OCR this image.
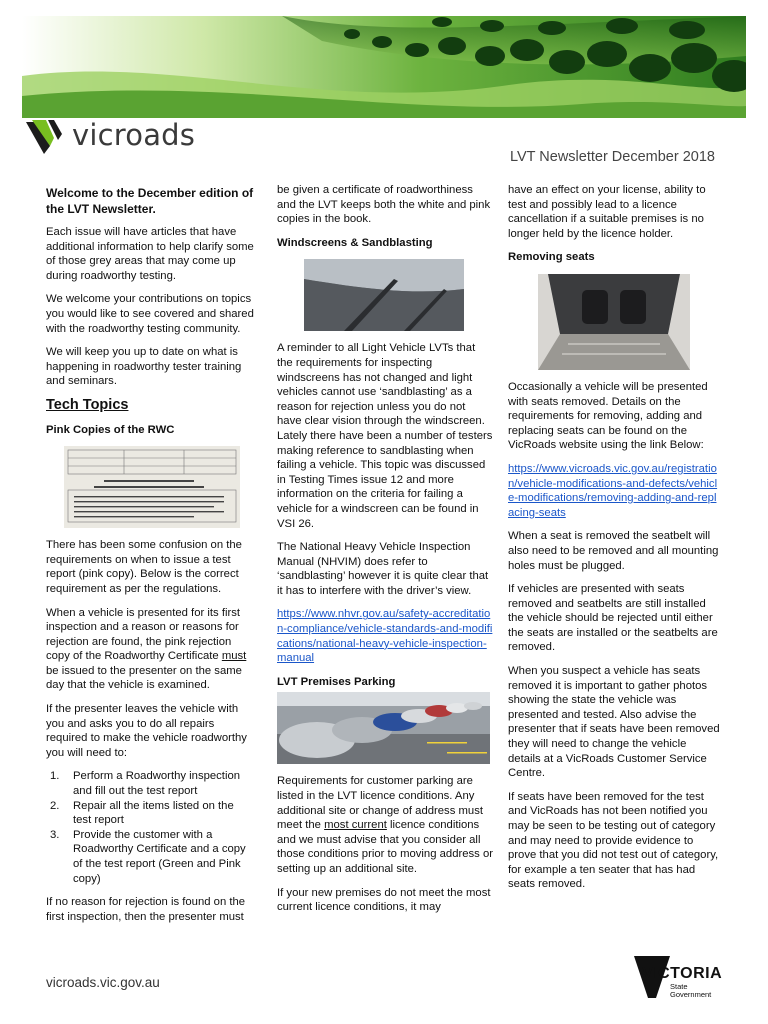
vicroads
LVT Newsletter December 2018
Welcome to the December edition of the LVT Newsletter.

Each issue will have articles that have additional information to help clarify some of those grey areas that may come up during roadworthy testing.

We welcome your contributions on topics you would like to see covered and shared with the roadworthy testing community.

We will keep you up to date on what is happening in roadworthy tester training and seminars.

Tech Topics
Pink Copies of the RWC

There has been some confusion on the requirements on when to issue a test report (pink copy). Below is the correct requirement as per the regulations.

When a vehicle is presented for its first inspection and a reason or reasons for rejection are found, the pink rejection copy of the Roadworthy Certificate must be issued to the presenter on the same day that the vehicle is examined.

If the presenter leaves the vehicle with you and asks you to do all repairs required to make the vehicle roadworthy you will need to:

1. Perform a Roadworthy inspection and fill out the test report
2. Repair all the items listed on the test report
3. Provide the customer with a Roadworthy Certificate and a copy of the test report (Green and Pink copy)

If no reason for rejection is found on the first inspection, then the presenter must

be given a certificate of roadworthiness and the LVT keeps both the white and pink copies in the book.

Windscreens & Sandblasting

A reminder to all Light Vehicle LVTs that the requirements for inspecting windscreens has not changed and light vehicles cannot use ‘sandblasting’ as a reason for rejection unless you do not have clear vision through the windscreen. Lately there have been a number of testers making reference to sandblasting when failing a vehicle. This topic was discussed in Testing Times issue 12 and more information on the criteria for failing a vehicle for a windscreen can be found in VSI 26.

The National Heavy Vehicle Inspection Manual (NHVIM) does refer to ‘sandblasting’ however it is quite clear that it has to interfere with the driver’s view.

https://www.nhvr.gov.au/safety-accreditation-compliance/vehicle-standards-and-modifications/national-heavy-vehicle-inspection-manual

LVT Premises Parking

Requirements for customer parking are listed in the LVT licence conditions. Any additional site or change of address must meet the most current licence conditions and we must advise that you consider all those conditions prior to moving address or setting up an additional site.

If your new premises do not meet the most current licence conditions, it may

have an effect on your license, ability to test and possibly lead to a licence cancellation if a suitable premises is no longer held by the licence holder.

Removing seats

Occasionally a vehicle will be presented with seats removed. Details on the requirements for removing, adding and replacing seats can be found on the VicRoads website using the link Below:

https://www.vicroads.vic.gov.au/registration/vehicle-modifications-and-defects/vehicle-modifications/removing-adding-and-replacing-seats

When a seat is removed the seatbelt will also need to be removed and all mounting holes must be plugged.

If vehicles are presented with seats removed and seatbelts are still installed the vehicle should be rejected until either the seats are installed or the seatbelts are removed.

When you suspect a vehicle has seats removed it is important to gather photos showing the state the vehicle was presented and tested. Also advise the presenter that if seats have been removed they will need to change the vehicle details at a VicRoads Customer Service Centre.

If seats have been removed for the test and VicRoads has not been notified you may be seen to be testing out of category and may need to provide evidence to prove that you did not test out of category, for example a ten seater that has had seats removed.

vicroads.vic.gov.au
VICTORIA
State
Government
